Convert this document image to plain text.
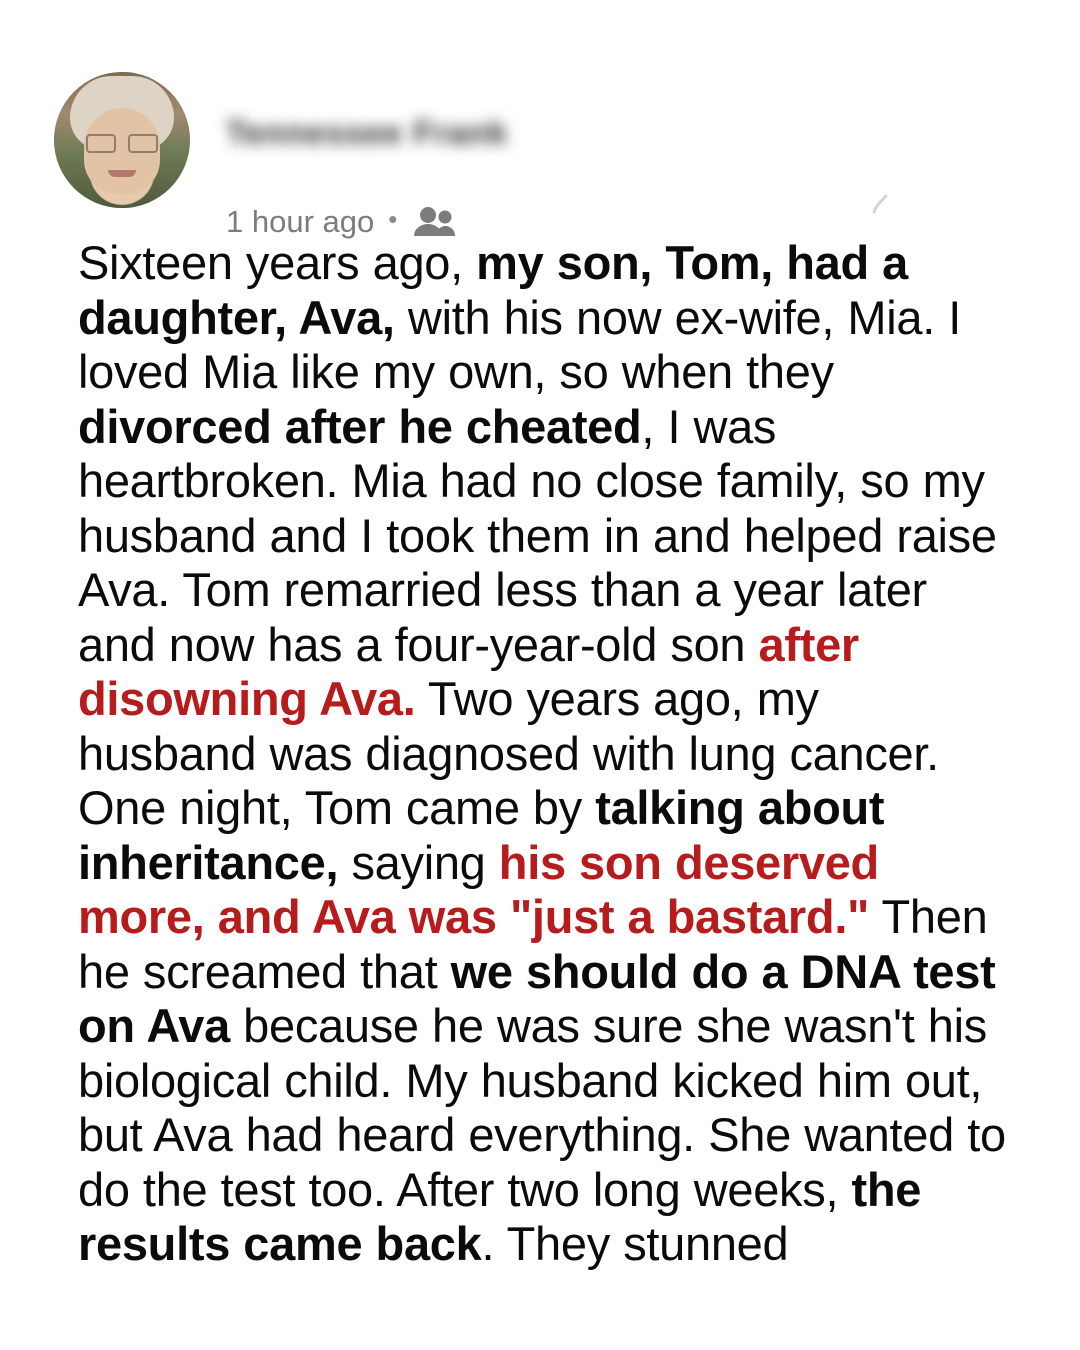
Tennessee Frank
1 hour ago •
Sixteen years ago, my son, Tom, had a daughter, Ava, with his now ex-wife, Mia. I loved Mia like my own, so when they divorced after he cheated, I was heartbroken. Mia had no close family, so my husband and I took them in and helped raise Ava. Tom remarried less than a year later and now has a four-year-old son after disowning Ava. Two years ago, my husband was diagnosed with lung cancer. One night, Tom came by talking about inheritance, saying his son deserved more, and Ava was "just a bastard." Then he screamed that we should do a DNA test on Ava because he was sure she wasn't his biological child. My husband kicked him out, but Ava had heard everything. She wanted to do the test too. After two long weeks, the results came back. They stunned
